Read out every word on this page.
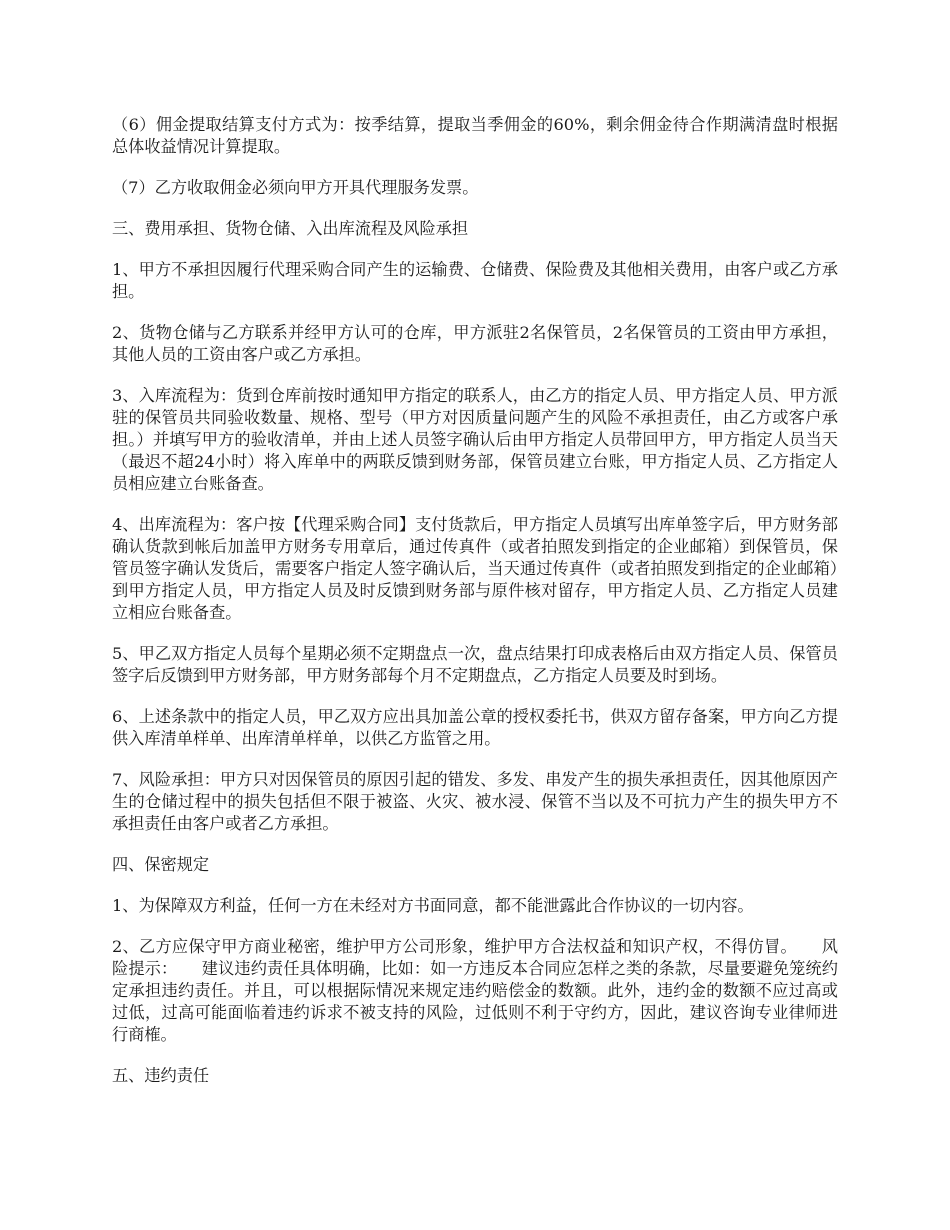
（6）佣金提取结算支付方式为：按季结算，提取当季佣金的60%，剩余佣金待合作期满清盘时根据总体收益情况计算提取。

（7）乙方收取佣金必须向甲方开具代理服务发票。

三、费用承担、货物仓储、入出库流程及风险承担

1、甲方不承担因履行代理采购合同产生的运输费、仓储费、保险费及其他相关费用，由客户或乙方承担。

2、货物仓储与乙方联系并经甲方认可的仓库，甲方派驻2名保管员，2名保管员的工资由甲方承担，其他人员的工资由客户或乙方承担。

3、入库流程为：货到仓库前按时通知甲方指定的联系人，由乙方的指定人员、甲方指定人员、甲方派驻的保管员共同验收数量、规格、型号（甲方对因质量问题产生的风险不承担责任，由乙方或客户承担。）并填写甲方的验收清单，并由上述人员签字确认后由甲方指定人员带回甲方，甲方指定人员当天（最迟不超24小时）将入库单中的两联反馈到财务部，保管员建立台账，甲方指定人员、乙方指定人员相应建立台账备查。

4、出库流程为：客户按【代理采购合同】支付货款后，甲方指定人员填写出库单签字后，甲方财务部确认货款到帐后加盖甲方财务专用章后，通过传真件（或者拍照发到指定的企业邮箱）到保管员，保管员签字确认发货后，需要客户指定人签字确认后，当天通过传真件（或者拍照发到指定的企业邮箱）到甲方指定人员，甲方指定人员及时反馈到财务部与原件核对留存，甲方指定人员、乙方指定人员建立相应台账备查。

5、甲乙双方指定人员每个星期必须不定期盘点一次，盘点结果打印成表格后由双方指定人员、保管员签字后反馈到甲方财务部，甲方财务部每个月不定期盘点，乙方指定人员要及时到场。

6、上述条款中的指定人员，甲乙双方应出具加盖公章的授权委托书，供双方留存备案，甲方向乙方提供入库清单样单、出库清单样单，以供乙方监管之用。

7、风险承担：甲方只对因保管员的原因引起的错发、多发、串发产生的损失承担责任，因其他原因产生的仓储过程中的损失包括但不限于被盗、火灾、被水浸、保管不当以及不可抗力产生的损失甲方不承担责任由客户或者乙方承担。

四、保密规定

1、为保障双方利益，任何一方在未经对方书面同意，都不能泄露此合作协议的一切内容。

2、乙方应保守甲方商业秘密，维护甲方公司形象，维护甲方合法权益和知识产权，不得仿冒。　　风险提示：　　建议违约责任具体明确，比如：如一方违反本合同应怎样之类的条款，尽量要避免笼统约定承担违约责任。并且，可以根据际情况来规定违约赔偿金的数额。此外，违约金的数额不应过高或过低，过高可能面临着违约诉求不被支持的风险，过低则不利于守约方，因此，建议咨询专业律师进行商榷。

五、违约责任
